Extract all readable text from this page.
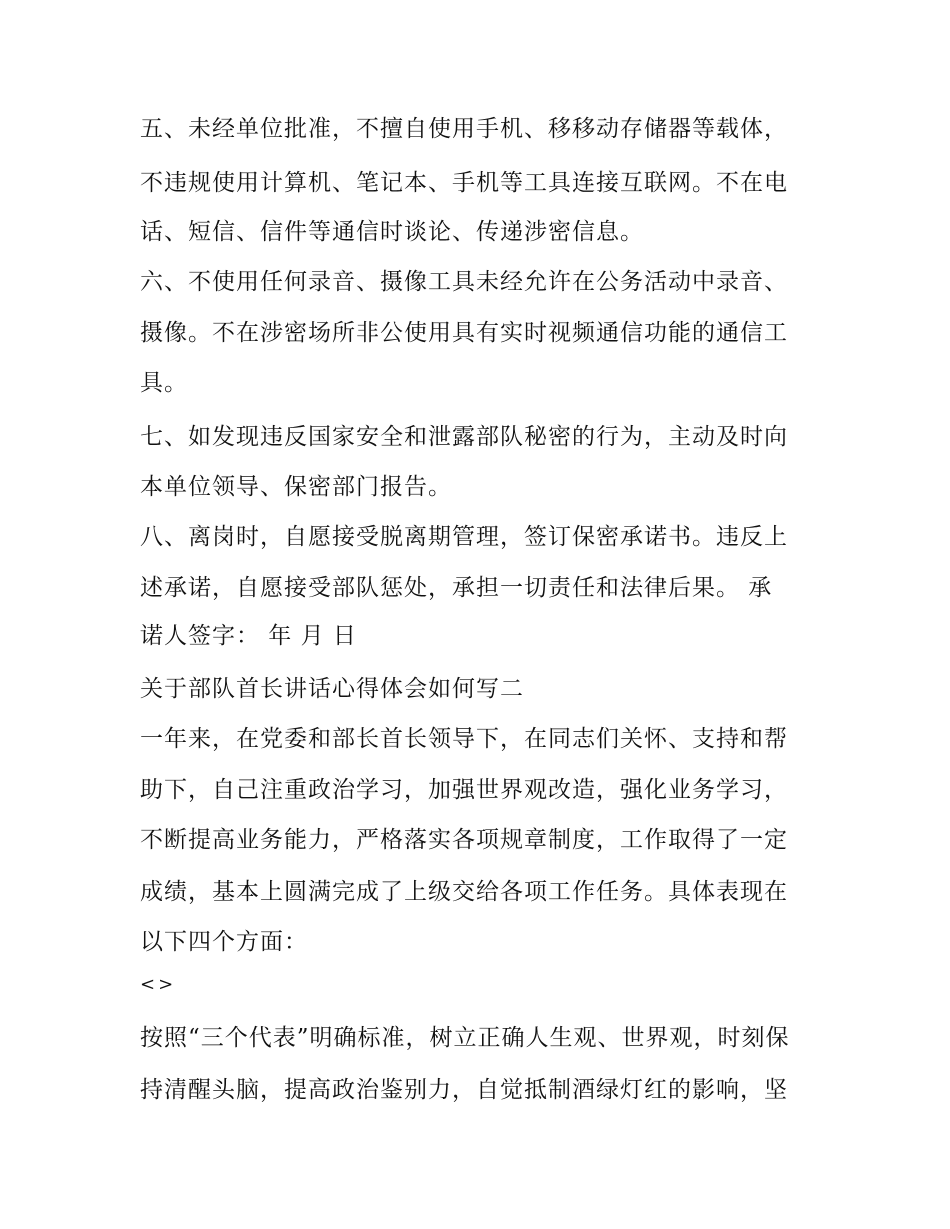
五、未经单位批准，不擅自使用手机、移移动存储器等载体，
不违规使用计算机、笔记本、手机等工具连接互联网。不在电
话、短信、信件等通信时谈论、传递涉密信息。
六、不使用任何录音、摄像工具未经允许在公务活动中录音、
摄像。不在涉密场所非公使用具有实时视频通信功能的通信工
具。
七、如发现违反国家安全和泄露部队秘密的行为，主动及时向
本单位领导、保密部门报告。
八、离岗时，自愿接受脱离期管理，签订保密承诺书。违反上
述承诺，自愿接受部队惩处，承担一切责任和法律后果。 承
诺人签字： 年 月 日
关于部队首长讲话心得体会如何写二
一年来，在党委和部长首长领导下，在同志们关怀、支持和帮
助下，自己注重政治学习，加强世界观改造，强化业务学习，
不断提高业务能力，严格落实各项规章制度，工作取得了一定
成绩，基本上圆满完成了上级交给各项工作任务。具体表现在
以下四个方面：
<>
按照“三个代表”明确标准，树立正确人生观、世界观，时刻保
持清醒头脑，提高政治鉴别力，自觉抵制酒绿灯红的影响，坚
